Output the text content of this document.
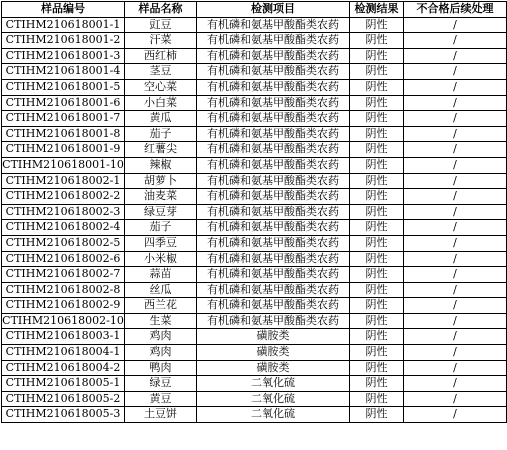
样品编号	样品名称	检测项目	检测结果	不合格后续处理
CTIHM210618001-1	豇豆	有机磷和氨基甲酸酯类农药	阴性	/
CTIHM210618001-2	汗菜	有机磷和氨基甲酸酯类农药	阴性	/
CTIHM210618001-3	西红柿	有机磷和氨基甲酸酯类农药	阴性	/
CTIHM210618001-4	茎豆	有机磷和氨基甲酸酯类农药	阴性	/
CTIHM210618001-5	空心菜	有机磷和氨基甲酸酯类农药	阴性	/
CTIHM210618001-6	小白菜	有机磷和氨基甲酸酯类农药	阴性	/
CTIHM210618001-7	黄瓜	有机磷和氨基甲酸酯类农药	阴性	/
CTIHM210618001-8	茄子	有机磷和氨基甲酸酯类农药	阴性	/
CTIHM210618001-9	红薯尖	有机磷和氨基甲酸酯类农药	阴性	/
CTIHM210618001-10	辣椒	有机磷和氨基甲酸酯类农药	阴性	/
CTIHM210618002-1	胡萝卜	有机磷和氨基甲酸酯类农药	阴性	/
CTIHM210618002-2	油麦菜	有机磷和氨基甲酸酯类农药	阴性	/
CTIHM210618002-3	绿豆芽	有机磷和氨基甲酸酯类农药	阴性	/
CTIHM210618002-4	茄子	有机磷和氨基甲酸酯类农药	阴性	/
CTIHM210618002-5	四季豆	有机磷和氨基甲酸酯类农药	阴性	/
CTIHM210618002-6	小米椒	有机磷和氨基甲酸酯类农药	阴性	/
CTIHM210618002-7	蒜苗	有机磷和氨基甲酸酯类农药	阴性	/
CTIHM210618002-8	丝瓜	有机磷和氨基甲酸酯类农药	阴性	/
CTIHM210618002-9	西兰花	有机磷和氨基甲酸酯类农药	阴性	/
CTIHM210618002-10	生菜	有机磷和氨基甲酸酯类农药	阴性	/
CTIHM210618003-1	鸡肉	磺胺类	阴性	/
CTIHM210618004-1	鸡肉	磺胺类	阴性	/
CTIHM210618004-2	鸭肉	磺胺类	阴性	/
CTIHM210618005-1	绿豆	二氧化硫	阴性	/
CTIHM210618005-2	黄豆	二氧化硫	阴性	/
CTIHM210618005-3	土豆饼	二氧化硫	阴性	/
